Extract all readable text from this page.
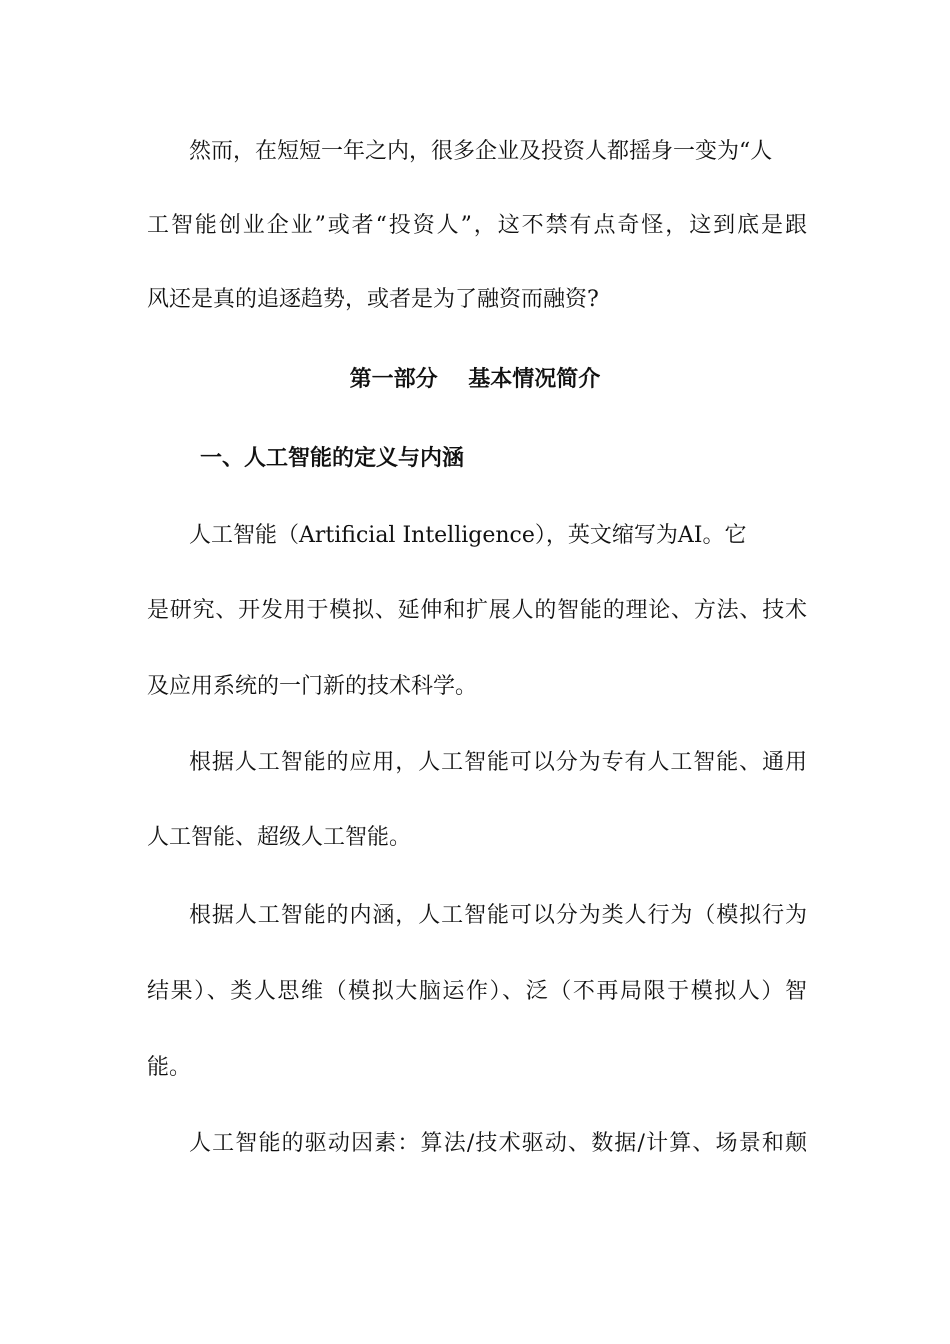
然而，在短短一年之内，很多企业及投资人都摇身一变为“人
工智能创业企业”或者“投资人”，这不禁有点奇怪，这到底是跟
风还是真的追逐趋势，或者是为了融资而融资?
第一部分    基本情况简介
一、人工智能的定义与内涵
人工智能（Artificial Intelligence），英文缩写为AI。它
是研究、开发用于模拟、延伸和扩展人的智能的理论、方法、技术
及应用系统的一门新的技术科学。
根据人工智能的应用，人工智能可以分为专有人工智能、通用
人工智能、超级人工智能。
根据人工智能的内涵，人工智能可以分为类人行为（模拟行为
结果）、类人思维（模拟大脑运作）、泛（不再局限于模拟人）智
能。
人工智能的驱动因素：算法/技术驱动、数据/计算、场景和颠
